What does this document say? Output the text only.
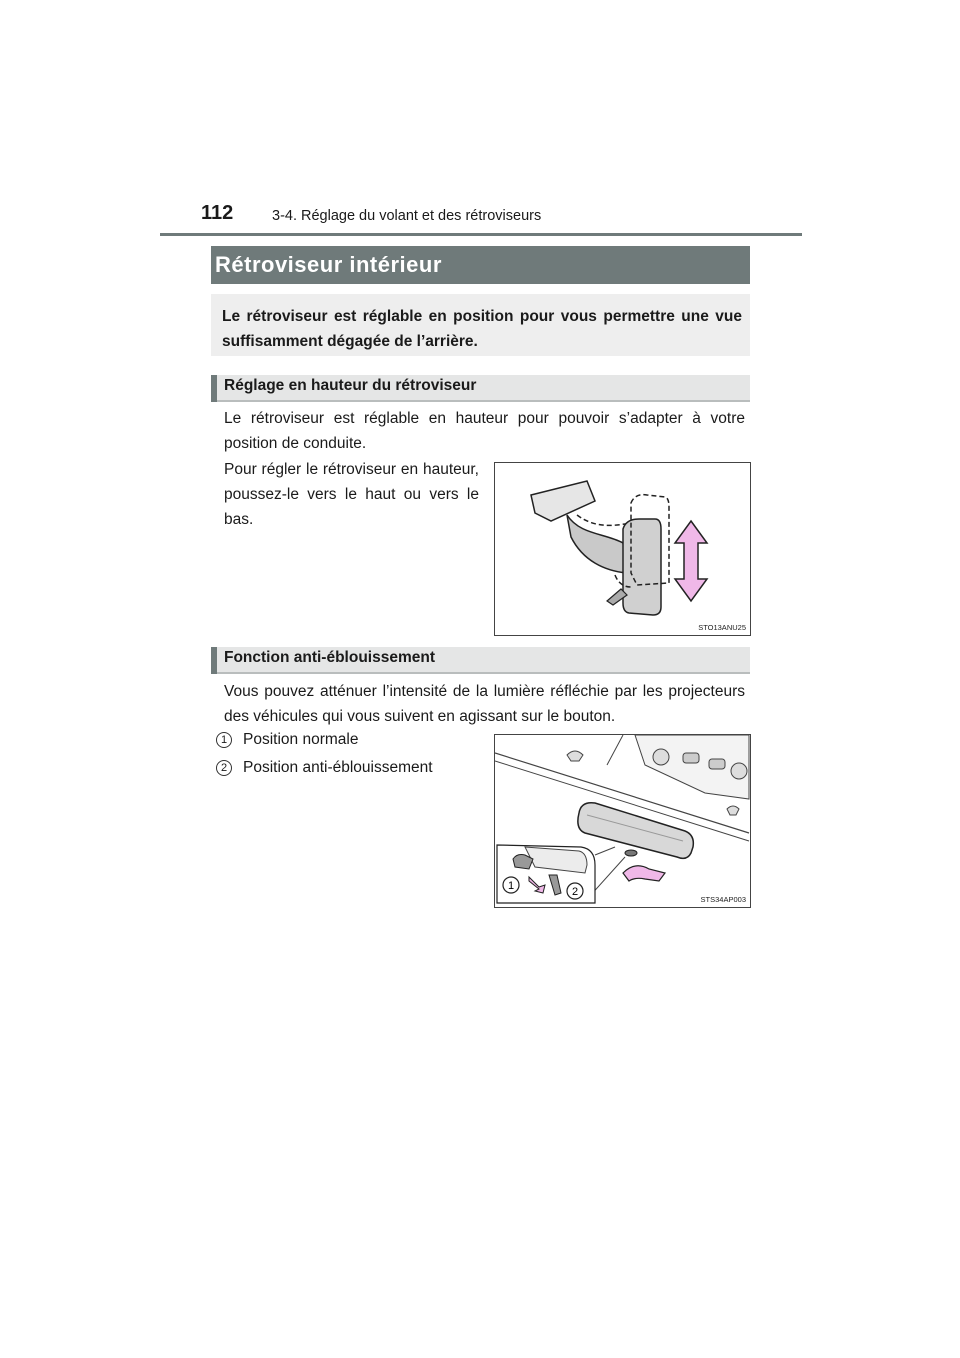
112	3-4. Réglage du volant et des rétroviseurs
Rétroviseur intérieur
Le rétroviseur est réglable en position pour vous permettre une vue suffisamment dégagée de l’arrière.
Réglage en hauteur du rétroviseur
Le rétroviseur est réglable en hauteur pour pouvoir s’adapter à votre position de conduite.
Pour régler le rétroviseur en hauteur, poussez-le vers le haut ou vers le bas.
STO13ANU25
Fonction anti-éblouissement
Vous pouvez atténuer l’intensité de la lumière réfléchie par les projecteurs des véhicules qui vous suivent en agissant sur le bouton.
1 Position normale
2 Position anti-éblouissement
1	2
STS34AP003
